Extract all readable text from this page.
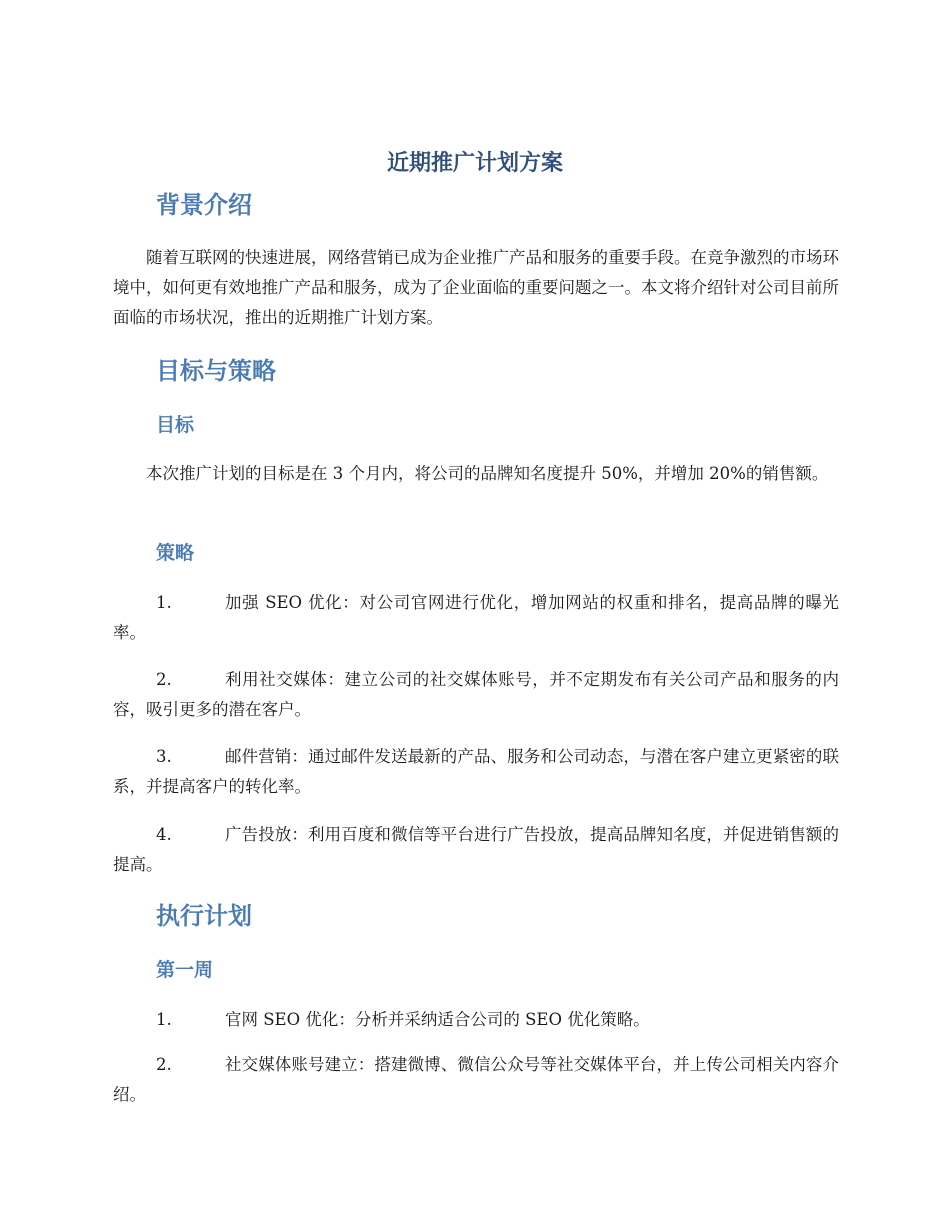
近期推广计划方案
背景介绍

随着互联网的快速进展，网络营销已成为企业推广产品和服务的重要手段。在竞争激烈的市场环境中，如何更有效地推广产品和服务，成为了企业面临的重要问题之一。本文将介绍针对公司目前所面临的市场状况，推出的近期推广计划方案。

目标与策略
目标

本次推广计划的目标是在 3 个月内，将公司的品牌知名度提升 50%，并增加 20%的销售额。

策略
1.	加强 SEO 优化：对公司官网进行优化，增加网站的权重和排名，提高品牌的曝光率。
2.	利用社交媒体：建立公司的社交媒体账号，并不定期发布有关公司产品和服务的内容，吸引更多的潜在客户。
3.	邮件营销：通过邮件发送最新的产品、服务和公司动态，与潜在客户建立更紧密的联系，并提高客户的转化率。
4.	广告投放：利用百度和微信等平台进行广告投放，提高品牌知名度，并促进销售额的提高。
执行计划
第一周
1.	官网 SEO 优化：分析并采纳适合公司的 SEO 优化策略。
2.	社交媒体账号建立：搭建微博、微信公众号等社交媒体平台，并上传公司相关内容介绍。
